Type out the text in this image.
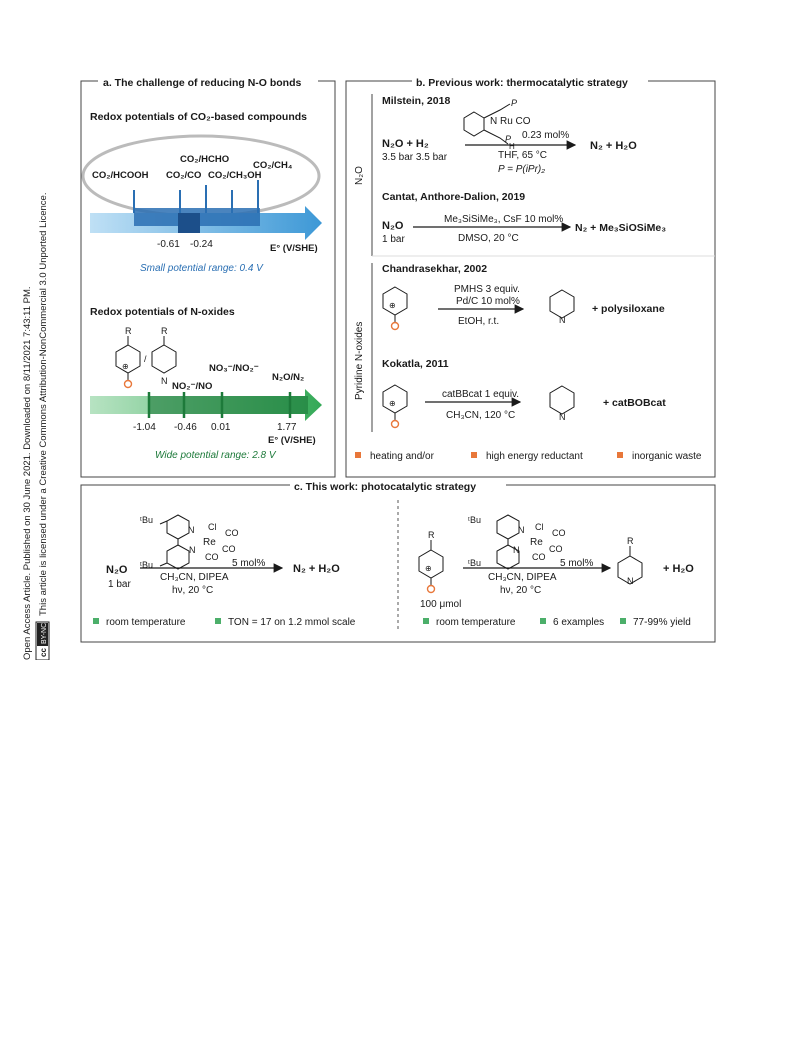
Open Access Article. Published on 30 June 2021. Downloaded on 8/11/2021 7:43:11 PM. cc
BY-NC
This article is licensed under a Creative Commons Attribution-NonCommercial 3.0 Unported Licence.
a. The challenge of reducing N-O bonds
Redox potentials of CO₂-based compounds
CO₂/HCOOH CO₂/CO
CO₂/HCHO
CO₂/CH₃OH
CO₂/CH₄
-0.61 -0.24	E° (V/SHE)
Small potential range: 0.4 V
Redox potentials of N-oxides
R	R
/
⊕
N NO₂⁻/NO
NO₃⁻/NO₂⁻
N₂O/N₂
-1.04 -0.46 0.01	1.77
E° (V/SHE)
Wide potential range: 2.8 V
b. Previous work: thermocatalytic strategy
N₂O
Pyridine N-oxides
Milstein, 2018	P
N Ru CO
P
H
0.23 mol%
N₂O + H₂
3.5 bar 3.5 bar	THF, 65 °C
P = P(iPr)₂
N₂ + H₂O
Cantat, Anthore-Dalion, 2019
N₂O
1 bar
Me₃SiSiMe₃, CsF 10 mol%
DMSO, 20 °C
N₂ + Me₃SiOSiMe₃
Chandrasekhar, 2002
⊕
PMHS 3 equiv.
Pd/C 10 mol%
EtOH, r.t.	N
+ polysiloxane
Kokatla, 2011
⊕
catBBcat 1 equiv.
CH₃CN, 120 °C	N
+ catBOBcat
heating and/or	high energy reductant	inorganic waste
c. This work: photocatalytic strategy
ᵗBu
N Cl
CO
Re
CO
CO
N
ᵗBu	5 mol%
N₂O
1 bar
CH₃CN, DIPEA
hν, 20 °C
N₂ + H₂O
room temperature	TON = 17 on 1.2 mmol scale
R
⊕
100 μmol
ᵗBu
N Cl
CO
Re
CO
CO
N
ᵗBu	5 mol%
CH₃CN, DIPEA
hν, 20 °C
R
N
+ H₂O
room temperature	6 examples	77-99% yield
